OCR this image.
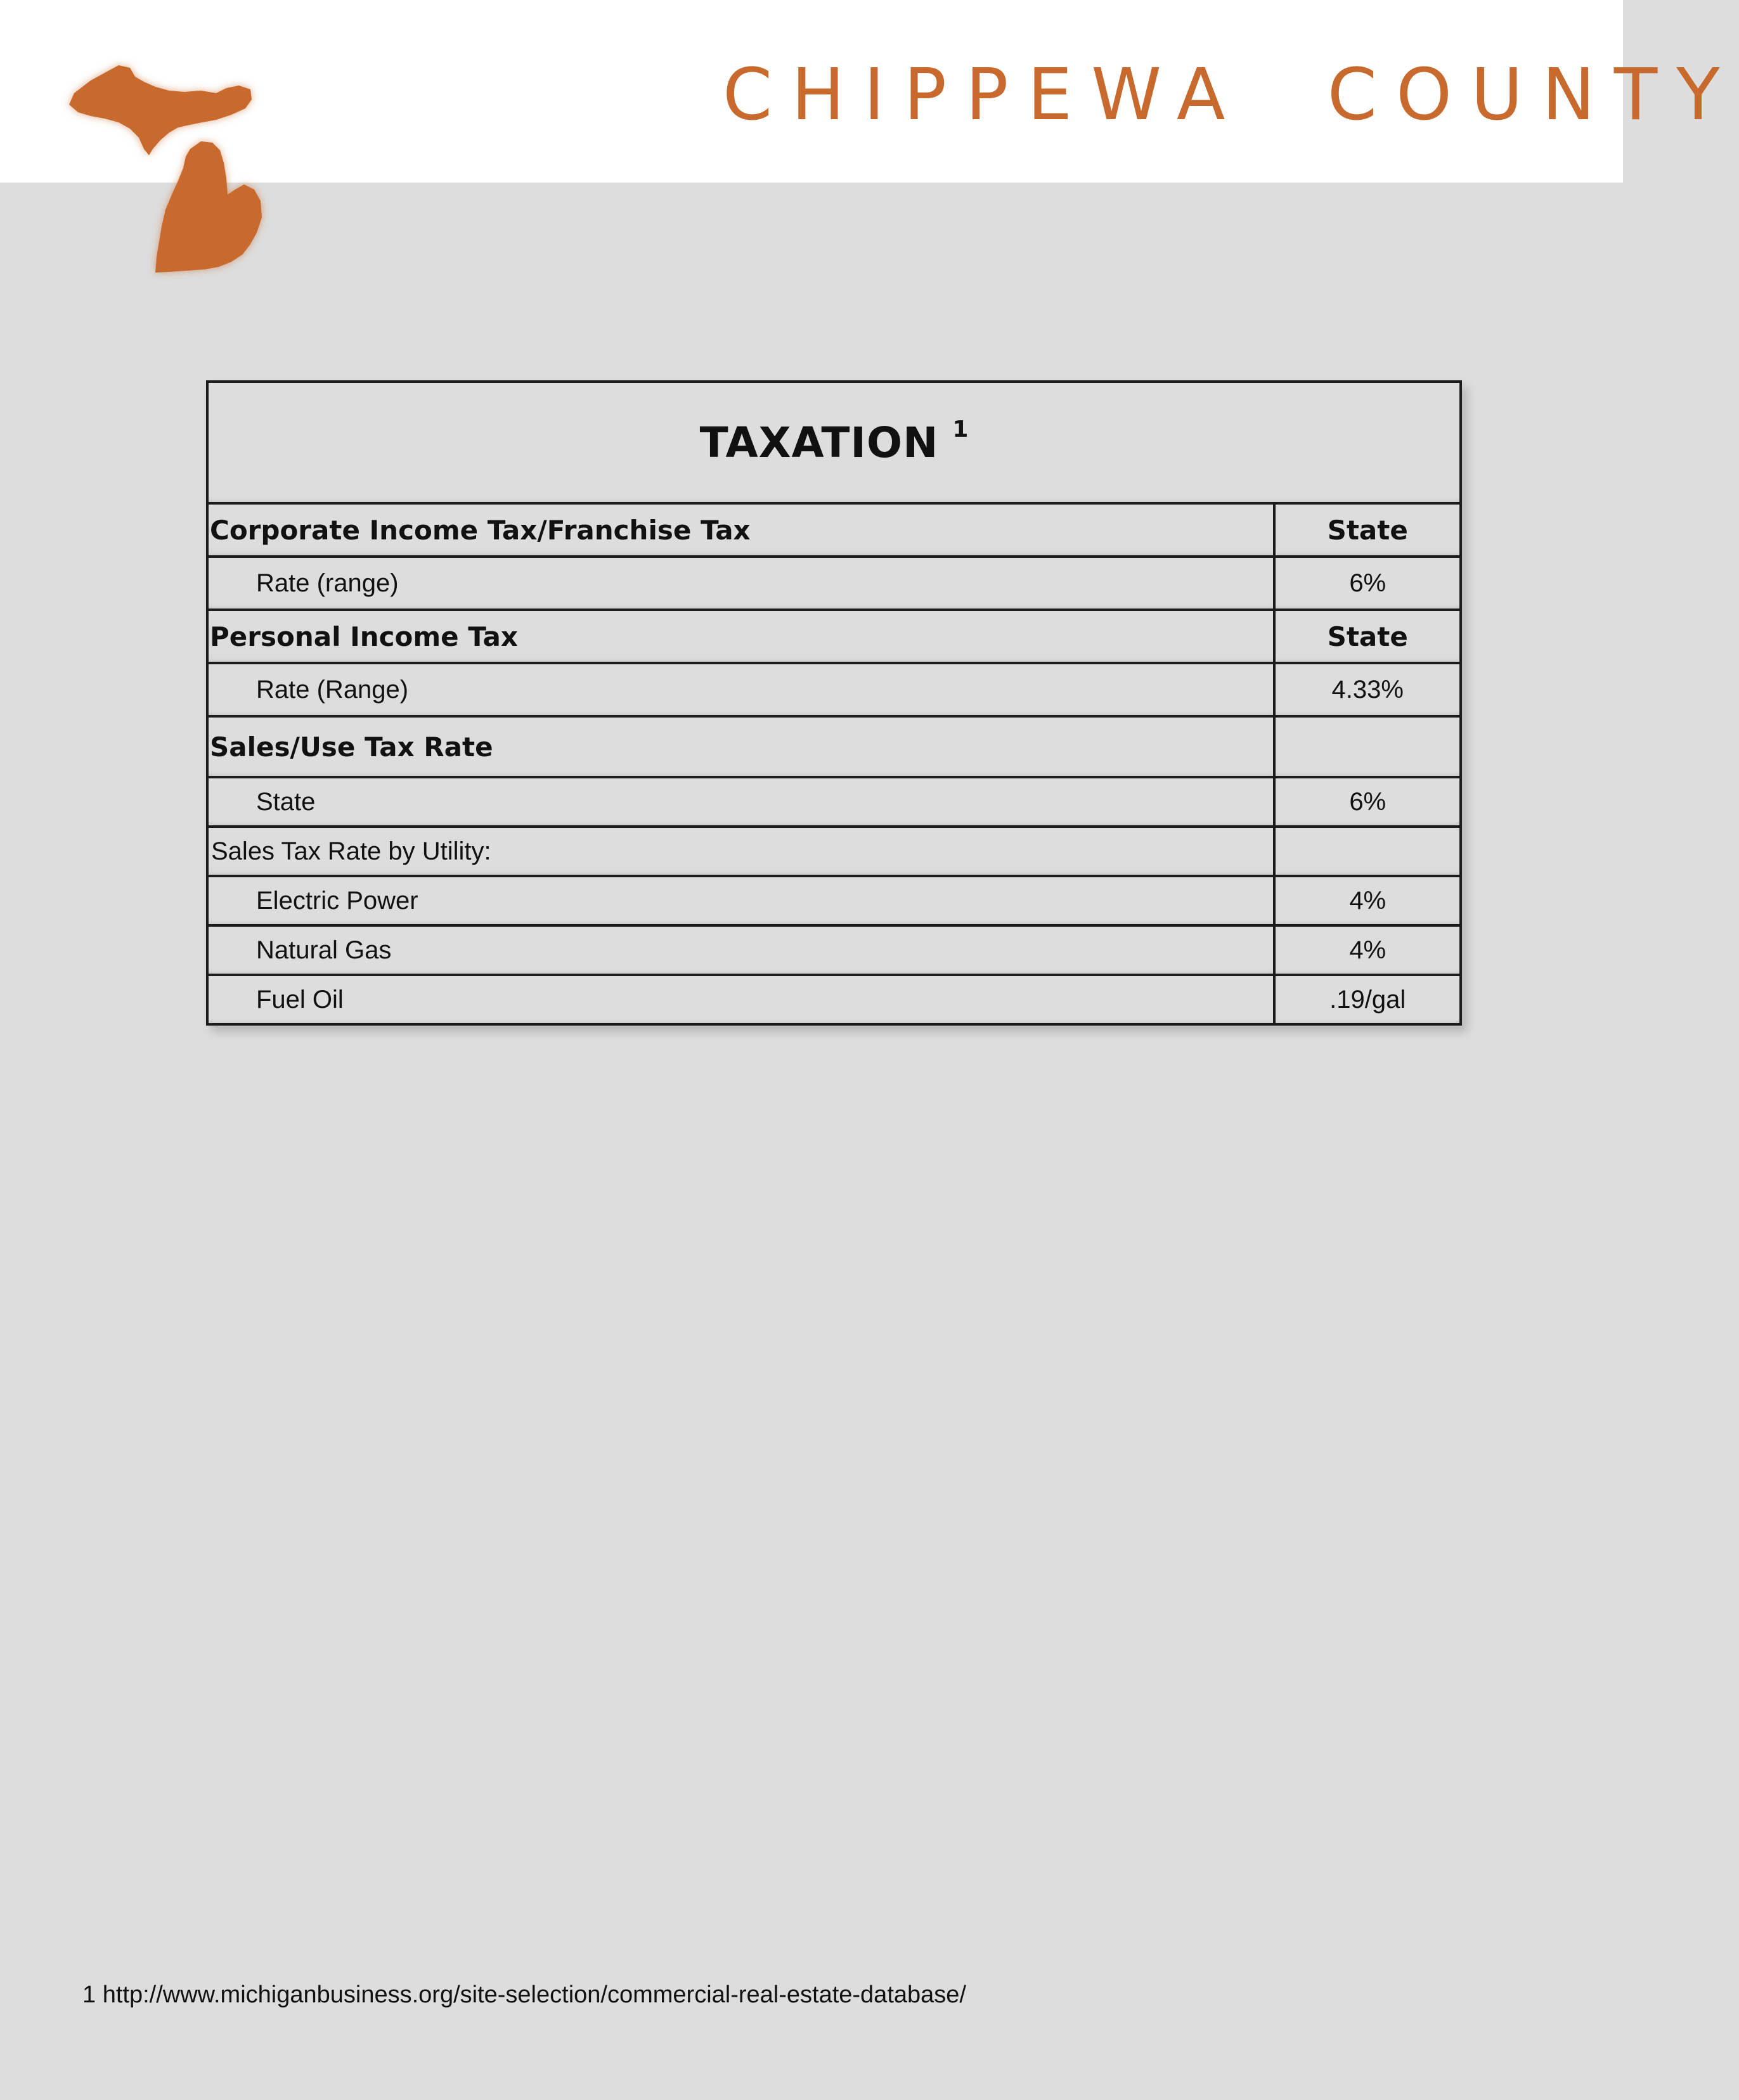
CHIPPEWA  COUNTY
TAXATION 1	
Corporate Income Tax/Franchise Tax	State
Rate (range)	6%
Personal Income Tax	State
Rate (Range)	4.33%
Sales/Use Tax Rate	
State	6%
Sales Tax Rate by Utility:	
Electric Power	4%
Natural Gas	4%
Fuel Oil	.19/gal
1 http://www.michiganbusiness.org/site-selection/commercial-real-estate-database/
